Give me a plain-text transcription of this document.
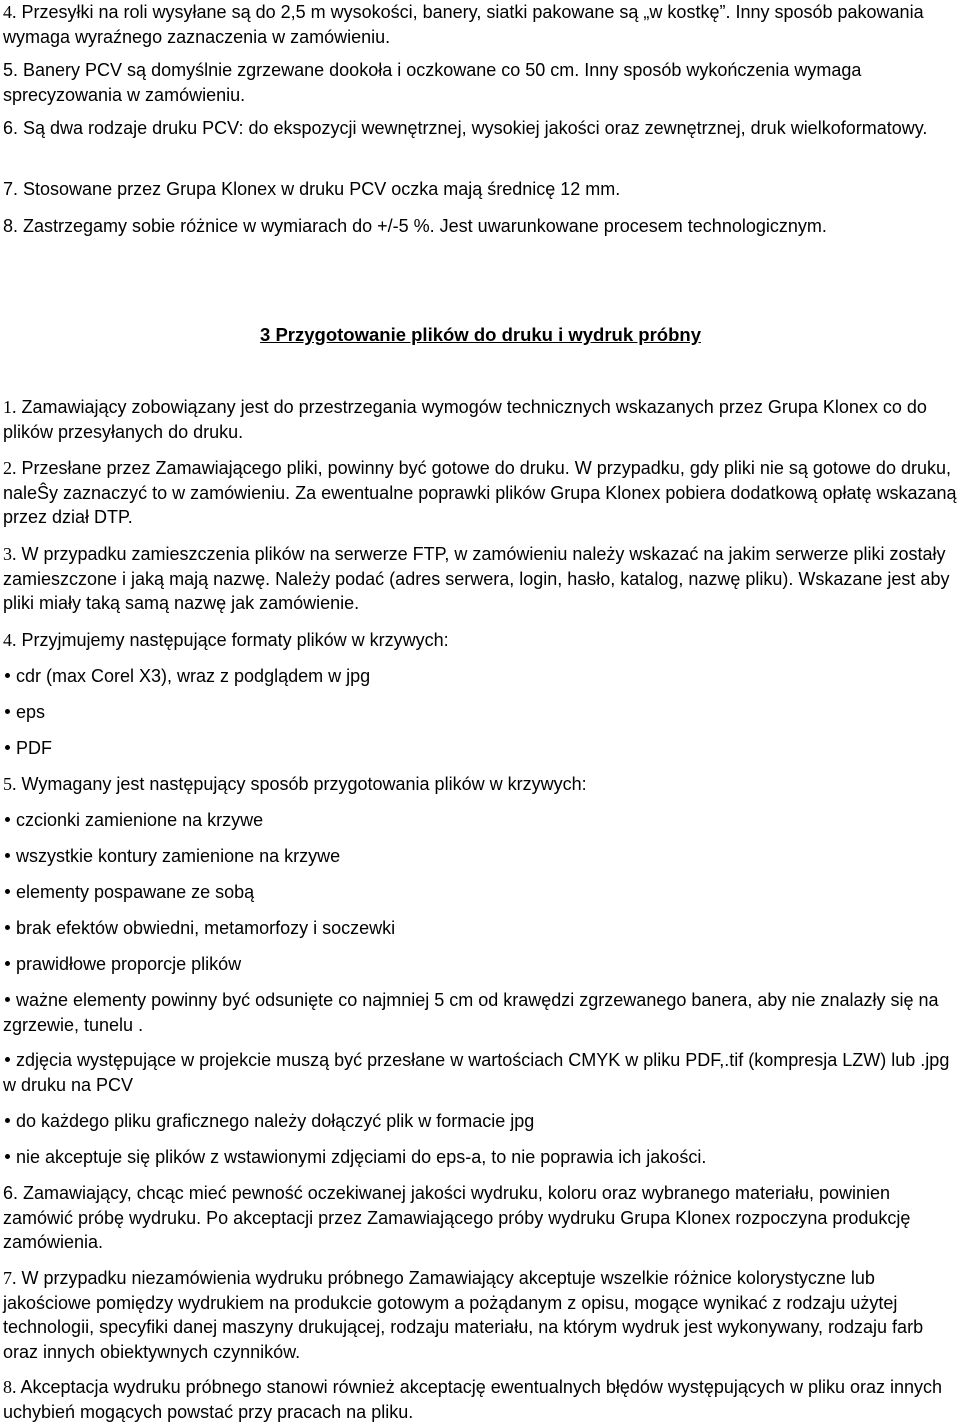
4. Przesyłki na roli wysyłane są do 2,5 m wysokości, banery, siatki pakowane są „w kostkę”. Inny sposób pakowania wymaga wyraźnego zaznaczenia w zamówieniu.
5. Banery PCV są domyślnie zgrzewane dookoła i oczkowane co 50 cm. Inny sposób wykończenia wymaga sprecyzowania w zamówieniu.
6. Są dwa rodzaje druku PCV: do ekspozycji wewnętrznej, wysokiej jakości oraz zewnętrznej, druk wielkoformatowy.
7. Stosowane przez Grupa Klonex w druku PCV oczka mają średnicę 12 mm.
8. Zastrzegamy sobie różnice w wymiarach do +/-5 %. Jest uwarunkowane procesem technologicznym.
3 Przygotowanie plików do druku i wydruk próbny
1. Zamawiający zobowiązany jest do przestrzegania wymogów technicznych wskazanych przez Grupa Klonex co do plików przesyłanych do druku.
2. Przesłane przez Zamawiającego pliki, powinny być gotowe do druku. W przypadku, gdy pliki nie są gotowe do druku, naleŜy zaznaczyć to w zamówieniu. Za ewentualne poprawki plików Grupa Klonex pobiera dodatkową opłatę wskazaną przez dział DTP.
3. W przypadku zamieszczenia plików na serwerze FTP, w zamówieniu należy wskazać na jakim serwerze pliki zostały zamieszczone i jaką mają nazwę. Należy podać (adres serwera, login, hasło, katalog, nazwę pliku). Wskazane jest aby pliki miały taką samą nazwę jak zamówienie.
4. Przyjmujemy następujące formaty plików w krzywych:
cdr (max Corel X3), wraz z podglądem w jpg
eps
PDF
5. Wymagany jest następujący sposób przygotowania plików w krzywych:
czcionki zamienione na krzywe
wszystkie kontury zamienione na krzywe
elementy pospawane ze sobą
brak efektów obwiedni, metamorfozy i soczewki
prawidłowe proporcje plików
ważne elementy powinny być odsunięte co najmniej 5 cm od krawędzi zgrzewanego banera, aby nie znalazły się na zgrzewie, tunelu .
zdjęcia występujące w projekcie muszą być przesłane w wartościach CMYK w pliku PDF,.tif (kompresja LZW) lub .jpg w druku na PCV
do każdego pliku graficznego należy dołączyć plik w formacie jpg
nie akceptuje się plików z wstawionymi zdjęciami do eps-a, to nie poprawia ich jakości.
6. Zamawiający, chcąc mieć pewność oczekiwanej jakości wydruku, koloru oraz wybranego materiału, powinien zamówić próbę wydruku. Po akceptacji przez Zamawiającego próby wydruku Grupa Klonex rozpoczyna produkcję zamówienia.
7. W przypadku niezamówienia wydruku próbnego Zamawiający akceptuje wszelkie różnice kolorystyczne lub jakościowe pomiędzy wydrukiem na produkcie gotowym a pożądanym z opisu, mogące wynikać z rodzaju użytej technologii, specyfiki danej maszyny drukującej, rodzaju materiału, na którym wydruk jest wykonywany, rodzaju farb oraz innych obiektywnych czynników.
8. Akceptacja wydruku próbnego stanowi również akceptację ewentualnych błędów występujących w pliku oraz innych uchybień mogących powstać przy pracach na pliku.
